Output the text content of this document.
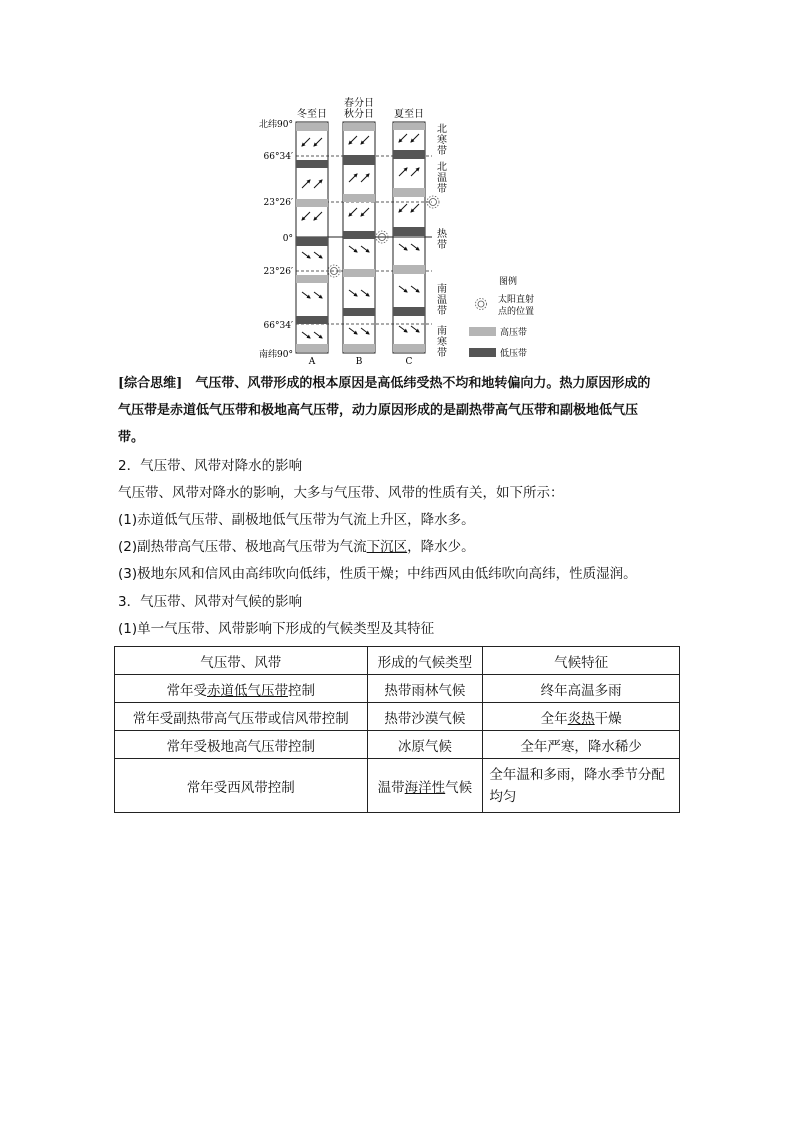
冬至日
春分日
秋分日 夏至日
北纬90°
66°34′
23°26′
0°
23°26′
66°34′
南纬90°
A	B	C
北
寒
带
北
温
带
热
带
南
温
带
南
寒
带
图例
太阳直射
点的位置
高压带
低压带
[综合思维]　气压带、风带形成的根本原因是高低纬受热不均和地转偏向力。热力原因形成的
气压带是赤道低气压带和极地高气压带，动力原因形成的是副热带高气压带和副极地低气压
带。
2．气压带、风带对降水的影响
气压带、风带对降水的影响，大多与气压带、风带的性质有关，如下所示：
(1)赤道低气压带、副极地低气压带为气流上升区，降水多。
(2)副热带高气压带、极地高气压带为气流下沉区，降水少。
(3)极地东风和信风由高纬吹向低纬，性质干燥；中纬西风由低纬吹向高纬，性质湿润。
3．气压带、风带对气候的影响
(1)单一气压带、风带影响下形成的气候类型及其特征
气压带、风带	形成的气候类型	气候特征
常年受赤道低气压带控制	热带雨林气候	终年高温多雨
常年受副热带高气压带或信风带控制	热带沙漠气候	全年炎热干燥
常年受极地高气压带控制	冰原气候	全年严寒，降水稀少
常年受西风带控制	温带海洋性气候	全年温和多雨，降水季节分配均匀
